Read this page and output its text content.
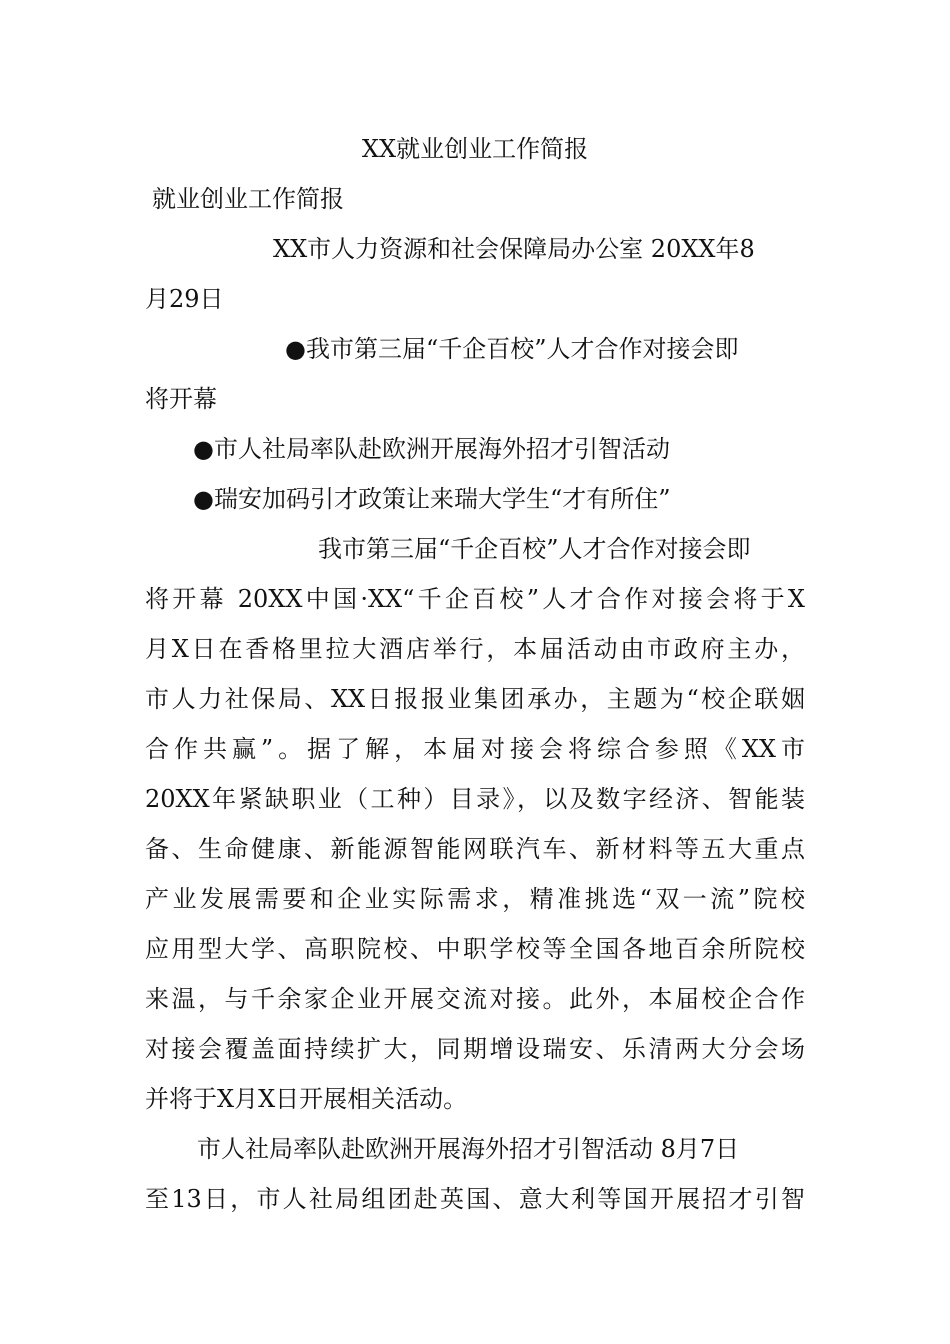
XX就业创业工作简报
就业创业工作简报
XX市人力资源和社会保障局办公室 20XX年8
月29日
●我市第三届“千企百校”人才合作对接会即
将开幕
●市人社局率队赴欧洲开展海外招才引智活动
●瑞安加码引才政策让来瑞大学生“才有所住”
我市第三届“千企百校”人才合作对接会即
将开幕 20XX中国·XX“千企百校”人才合作对接会将于X
月X日在香格里拉大酒店举行，本届活动由市政府主办，
市人力社保局、XX日报报业集团承办，主题为“校企联姻
合作共赢”。据了解，本届对接会将综合参照《XX市
20XX年紧缺职业（工种）目录》，以及数字经济、智能装
备、生命健康、新能源智能网联汽车、新材料等五大重点
产业发展需要和企业实际需求，精准挑选“双一流”院校
应用型大学、高职院校、中职学校等全国各地百余所院校
来温，与千余家企业开展交流对接。此外，本届校企合作
对接会覆盖面持续扩大，同期增设瑞安、乐清两大分会场
并将于X月X日开展相关活动。
市人社局率队赴欧洲开展海外招才引智活动 8月7日
至13日，市人社局组团赴英国、意大利等国开展招才引智
